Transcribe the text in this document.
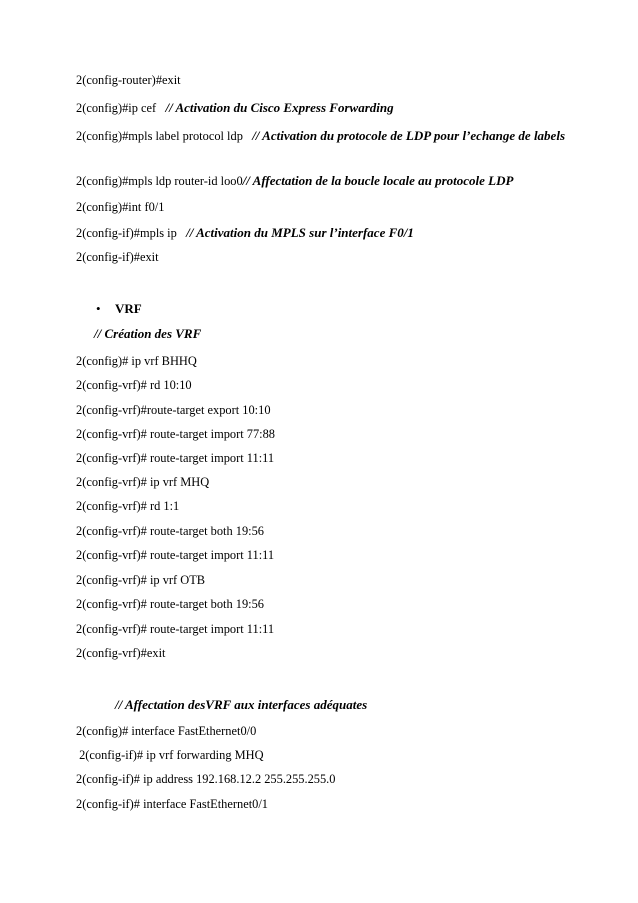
2(config-router)#exit
2(config)#ip cef   // Activation du Cisco Express Forwarding
2(config)#mpls label protocol ldp   // Activation du protocole de LDP pour l’echange de labels
2(config)#mpls ldp router-id loo0// Affectation de la boucle locale au protocole LDP
2(config)#int f0/1
2(config-if)#mpls ip   // Activation du MPLS sur l’interface F0/1
2(config-if)#exit
• VRF
// Création des VRF
2(config)# ip vrf BHHQ
2(config-vrf)# rd 10:10
2(config-vrf)#route-target export 10:10
2(config-vrf)# route-target import 77:88
2(config-vrf)# route-target import 11:11
2(config-vrf)# ip vrf MHQ
2(config-vrf)# rd 1:1
2(config-vrf)# route-target both 19:56
2(config-vrf)# route-target import 11:11
2(config-vrf)# ip vrf OTB
2(config-vrf)# route-target both 19:56
2(config-vrf)# route-target import 11:11
2(config-vrf)#exit
// Affectation desVRF aux interfaces adéquates
2(config)# interface FastEthernet0/0
2(config-if)# ip vrf forwarding MHQ
2(config-if)# ip address 192.168.12.2 255.255.255.0
2(config-if)# interface FastEthernet0/1
